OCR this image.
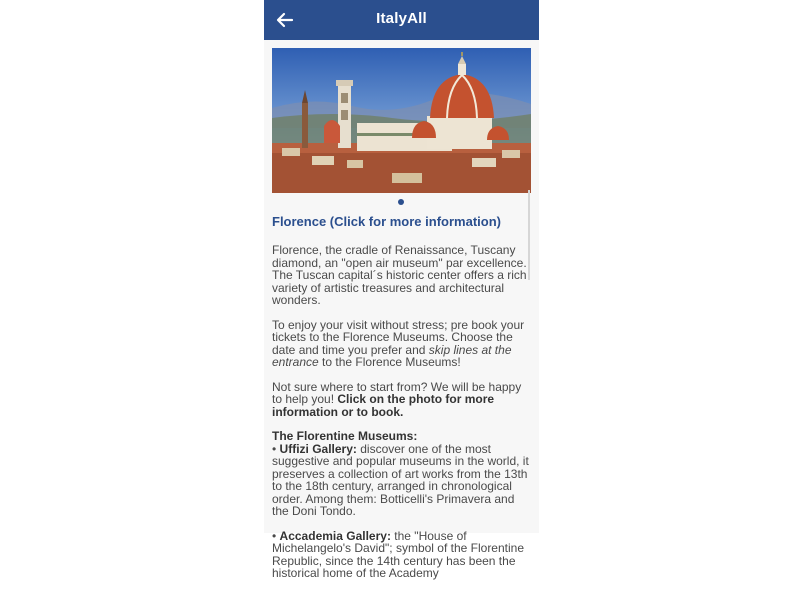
ItalyAll
Florence (Click for more information)

Florence, the cradle of Renaissance, Tuscany diamond, an "open air museum" par excellence. The Tuscan capital´s historic center offers a rich variety of artistic treasures and architectural wonders.

To enjoy your visit without stress; pre book your tickets to the Florence Museums. Choose the date and time you prefer and skip lines at the entrance to the Florence Museums!

Not sure where to start from? We will be happy to help you! Click on the photo for more information or to book.

The Florentine Museums:
• Uffizi Gallery: discover one of the most suggestive and popular museums in the world, it preserves a collection of art works from the 13th to the 18th century, arranged in chronological order. Among them: Botticelli's Primavera and the Doni Tondo.

• Accademia Gallery: the "House of Michelangelo's David"; symbol of the Florentine Republic, since the 14th century has been the historical home of the Academy
